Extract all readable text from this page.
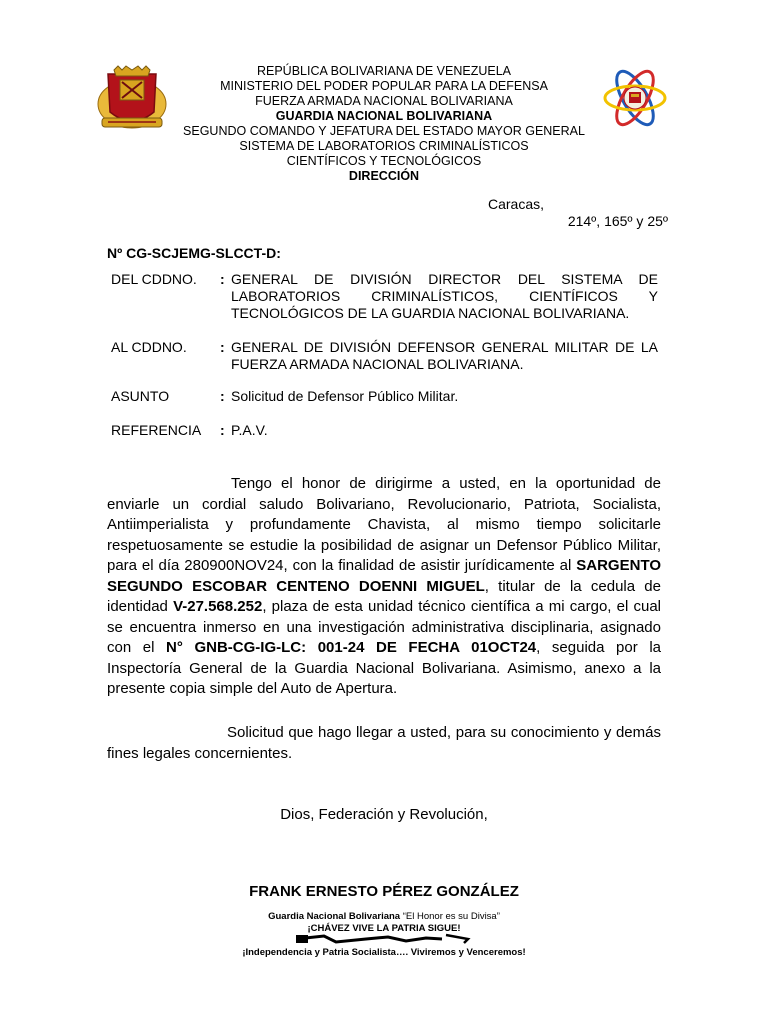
REPÚBLICA BOLIVARIANA DE VENEZUELA
MINISTERIO DEL PODER POPULAR PARA LA DEFENSA
FUERZA ARMADA NACIONAL BOLIVARIANA
GUARDIA NACIONAL BOLIVARIANA
SEGUNDO COMANDO Y JEFATURA DEL ESTADO MAYOR GENERAL
SISTEMA DE LABORATORIOS CRIMINALÍSTICOS
CIENTÍFICOS Y TECNOLÓGICOS
DIRECCIÓN
Caracas,
214º, 165º y 25º
Nº CG-SCJEMG-SLCCT-D:
DEL CDDNO. : GENERAL DE DIVISIÓN DIRECTOR DEL SISTEMA DE LABORATORIOS CRIMINALÍSTICOS, CIENTÍFICOS Y TECNOLÓGICOS DE LA GUARDIA NACIONAL BOLIVARIANA.
AL CDDNO. : GENERAL DE DIVISIÓN DEFENSOR GENERAL MILITAR DE LA FUERZA ARMADA NACIONAL BOLIVARIANA.
ASUNTO	: Solicitud de Defensor Público Militar.
REFERENCIA : P.A.V.
Tengo el honor de dirigirme a usted, en la oportunidad de enviarle un cordial saludo Bolivariano, Revolucionario, Patriota, Socialista, Antiimperialista y profundamente Chavista, al mismo tiempo solicitarle respetuosamente se estudie la posibilidad de asignar un Defensor Público Militar, para el día 280900NOV24, con la finalidad de asistir jurídicamente al SARGENTO SEGUNDO ESCOBAR CENTENO DOENNI MIGUEL, titular de la cedula de identidad V-27.568.252, plaza de esta unidad técnico científica a mi cargo, el cual se encuentra inmerso en una investigación administrativa disciplinaria, asignado con el N° GNB-CG-IG-LC: 001-24 DE FECHA 01OCT24, seguida por la Inspectoría General de la Guardia Nacional Bolivariana. Asimismo, anexo a la presente copia simple del Auto de Apertura.
Solicitud que hago llegar a usted, para su conocimiento y demás fines legales concernientes.
Dios, Federación y Revolución,
FRANK ERNESTO PÉREZ GONZÁLEZ
Guardia Nacional Bolivariana “El Honor es su Divisa”
¡CHÁVEZ VIVE LA PATRIA SIGUE!
¡Independencia y Patria Socialista…. Viviremos y Venceremos!
